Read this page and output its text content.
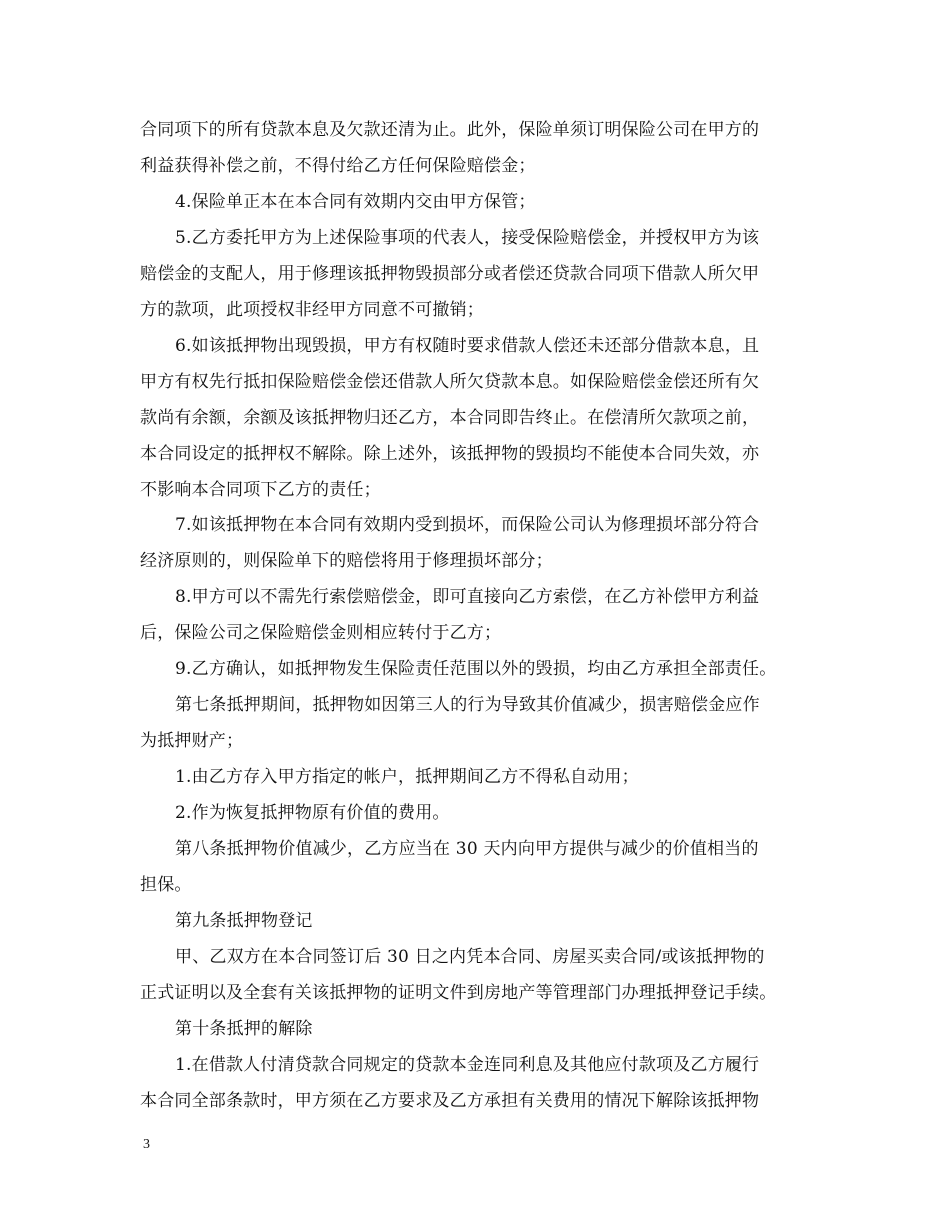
合同项下的所有贷款本息及欠款还清为止。此外，保险单须订明保险公司在甲方的
利益获得补偿之前，不得付给乙方任何保险赔偿金；
4.保险单正本在本合同有效期内交由甲方保管；
5.乙方委托甲方为上述保险事项的代表人，接受保险赔偿金，并授权甲方为该
赔偿金的支配人，用于修理该抵押物毁损部分或者偿还贷款合同项下借款人所欠甲
方的款项，此项授权非经甲方同意不可撤销；
6.如该抵押物出现毁损，甲方有权随时要求借款人偿还未还部分借款本息，且
甲方有权先行抵扣保险赔偿金偿还借款人所欠贷款本息。如保险赔偿金偿还所有欠
款尚有余额，余额及该抵押物归还乙方，本合同即告终止。在偿清所欠款项之前，
本合同设定的抵押权不解除。除上述外，该抵押物的毁损均不能使本合同失效，亦
不影响本合同项下乙方的责任；
7.如该抵押物在本合同有效期内受到损坏，而保险公司认为修理损坏部分符合
经济原则的，则保险单下的赔偿将用于修理损坏部分；
8.甲方可以不需先行索偿赔偿金，即可直接向乙方索偿，在乙方补偿甲方利益
后，保险公司之保险赔偿金则相应转付于乙方；
9.乙方确认，如抵押物发生保险责任范围以外的毁损，均由乙方承担全部责任。
第七条抵押期间，抵押物如因第三人的行为导致其价值减少，损害赔偿金应作
为抵押财产；
1.由乙方存入甲方指定的帐户，抵押期间乙方不得私自动用；
2.作为恢复抵押物原有价值的费用。
第八条抵押物价值减少，乙方应当在 30 天内向甲方提供与减少的价值相当的
担保。
第九条抵押物登记
甲、乙双方在本合同签订后 30 日之内凭本合同、房屋买卖合同/或该抵押物的
正式证明以及全套有关该抵押物的证明文件到房地产等管理部门办理抵押登记手续。
第十条抵押的解除
1.在借款人付清贷款合同规定的贷款本金连同利息及其他应付款项及乙方履行
本合同全部条款时，甲方须在乙方要求及乙方承担有关费用的情况下解除该抵押物
3
